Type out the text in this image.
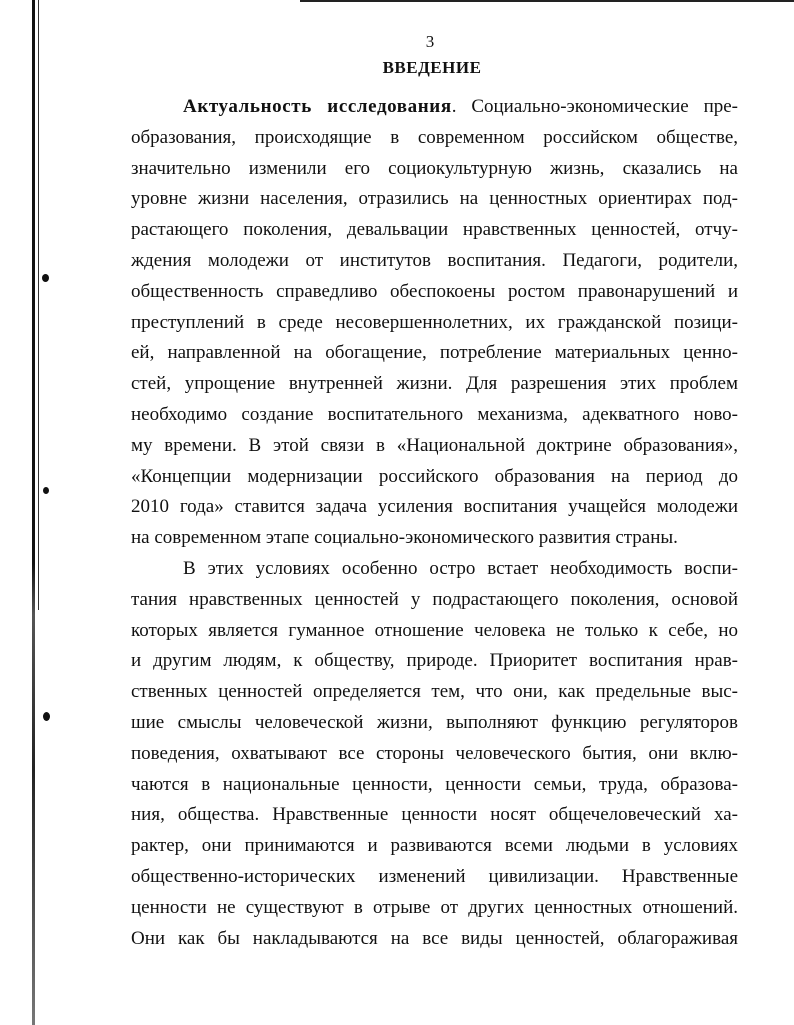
3
ВВЕДЕНИЕ
Актуальность исследования. Социально-экономические пре-
образования, происходящие в современном российском обществе,
значительно изменили его социокультурную жизнь, сказались на
уровне жизни населения, отразились на ценностных ориентирах под-
растающего поколения, девальвации нравственных ценностей, отчу-
ждения молодежи от институтов воспитания. Педагоги, родители,
общественность справедливо обеспокоены ростом правонарушений и
преступлений в среде несовершеннолетних, их гражданской позици-
ей, направленной на обогащение, потребление материальных ценно-
стей, упрощение внутренней жизни. Для разрешения этих проблем
необходимо создание воспитательного механизма, адекватного ново-
му времени. В этой связи в «Национальной доктрине образования»,
«Концепции модернизации российского образования на период до
2010 года» ставится задача усиления воспитания учащейся молодежи
на современном этапе социально-экономического развития страны.
В этих условиях особенно остро встает необходимость воспи-
тания нравственных ценностей у подрастающего поколения, основой
которых является гуманное отношение человека не только к себе, но
и другим людям, к обществу, природе. Приоритет воспитания нрав-
ственных ценностей определяется тем, что они, как предельные выс-
шие смыслы человеческой жизни, выполняют функцию регуляторов
поведения, охватывают все стороны человеческого бытия, они вклю-
чаются в национальные ценности, ценности семьи, труда, образова-
ния, общества. Нравственные ценности носят общечеловеческий ха-
рактер, они принимаются и развиваются всеми людьми в условиях
общественно-исторических изменений цивилизации. Нравственные
ценности не существуют в отрыве от других ценностных отношений.
Они как бы накладываются на все виды ценностей, облагораживая
